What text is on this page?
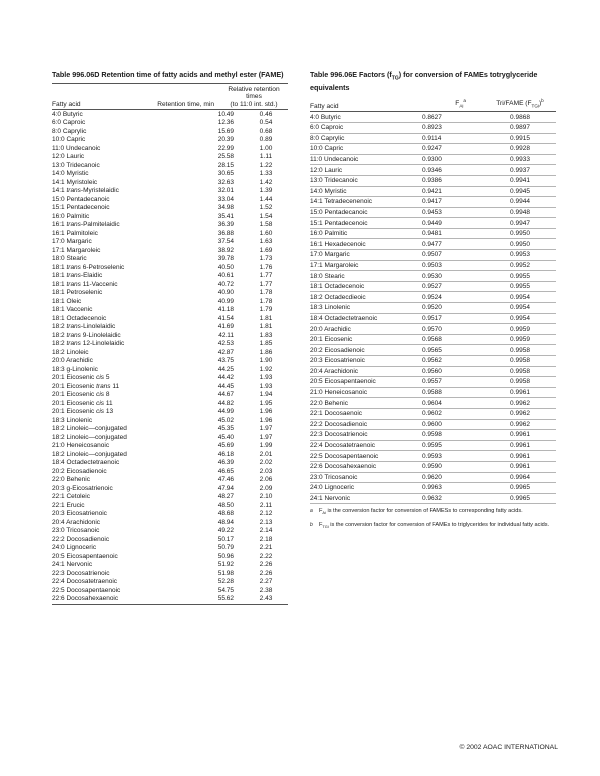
Table 996.06D Retention time of fatty acids and methyl ester (FAME)
Fatty acid	Retention time, min
Relative retention
times
(to 11:0 int. std.)
4:0 Butyric	10.49	0.46
6:0 Caproic	12.36	0.54
8:0 Caprylic	15.69	0.68
10:0 Capric	20.39	0.89
11:0 Undecanoic	22.99	1.00
12:0 Lauric	25.58	1.11
13:0 Tridecanoic	28.15	1.22
14:0 Myristic	30.65	1.33
14:1 Myristoleic	32.63	1.42
14:1 trans-Myristelaidic	32.01	1.39
15:0 Pentadecanoic	33.04	1.44
15:1 Pentadecenoic	34.98	1.52
16:0 Palmitic	35.41	1.54
16:1 trans-Palmitelaidic	36.39	1.58
16:1 Palmitoleic	36.88	1.60
17:0 Margaric	37.54	1.63
17:1 Margaroleic	38.92	1.69
18:0 Stearic	39.78	1.73
18:1 trans 6-Petroselenic	40.50	1.76
18:1 trans-Elaidic	40.61	1.77
18:1 trans 11-Vaccenic	40.72	1.77
18:1 Petroselenic	40.90	1.78
18:1 Oleic	40.99	1.78
18:1 Vaccenic	41.18	1.79
18:1 Octadecenoic	41.54	1.81
18:2 trans-Linolelaidic	41.69	1.81
18:2 trans 9-Linolelaidic	42.11	1.83
18:2 trans 12-Linolelaidic	42.53	1.85
18:2 Linoleic	42.87	1.86
20:0 Arachidic	43.75	1.90
18:3 g-Linolenic	44.25	1.92
20:1 Eicosenic cis 5	44.42	1.93
20:1 Eicosenic trans 11	44.45	1.93
20:1 Eicosenic cis 8	44.67	1.94
20:1 Eicosenic cis 11	44.82	1.95
20:1 Eicosenic cis 13	44.99	1.96
18:3 Linolenic	45.02	1.96
18:2 Linoleic—conjugated	45.35	1.97
18:2 Linoleic—conjugated	45.40	1.97
21:0 Heneicosanoic	45.69	1.99
18:2 Linoleic—conjugated	46.18	2.01
18:4 Octadectetraenoic	46.39	2.02
20:2 Eicosadienoic	46.65	2.03
22:0 Behenic	47.46	2.06
20:3 g-Eicosatrienoic	47.94	2.09
22:1 Cetoleic	48.27	2.10
22:1 Erucic	48.50	2.11
20:3 Eicosatrienoic	48.68	2.12
20:4 Arachidonic	48.94	2.13
23:0 Tricosanoic	49.22	2.14
22:2 Docosadienoic	50.17	2.18
24:0 Lignoceric	50.79	2.21
20:5 Eicosapentaenoic	50.96	2.22
24:1 Nervonic	51.92	2.26
22:3 Docosatrienoic	51.98	2.26
22:4 Docosatetraenoic	52.28	2.27
22:5 Docosapentaenoic	54.75	2.38
22:6 Docosahexaenoic	55.62	2.43
Table 996.06E Factors $(f_{TG})$ for conversion of FAMEs totryglyceride equivalents
Fatty acid	$F_{Ai}^a$	Tri/FAME $(F_{TGi})^b$
4:0 Butyric	0.8627	0.9868
6:0 Caproic	0.8923	0.9897
8:0 Caprylic	0.9114	0.9915
10:0 Capric	0.9247	0.9928
11:0 Undecanoic	0.9300	0.9933
12:0 Lauric	0.9346	0.9937
13:0 Tridecanoic	0.9386	0.9941
14:0 Myristic	0.9421	0.9945
14:1 Tetradecenenoic	0.9417	0.9944
15:0 Pentadecanoic	0.9453	0.9948
15:1 Pentadecenoic	0.9449	0.9947
16:0 Palmitic	0.9481	0.9950
16:1 Hexadecenoic	0.9477	0.9950
17:0 Margaric	0.9507	0.9953
17:1 Margaroleic	0.9503	0.9952
18:0 Stearic	0.9530	0.9955
18:1 Octadecenoic	0.9527	0.9955
18:2 Octadecdieoic	0.9524	0.9954
18:3 Linolenic	0.9520	0.9954
18:4 Octadectetraenoic	0.9517	0.9954
20:0 Arachidic	0.9570	0.9959
20:1 Eicosenic	0.9568	0.9959
20:2 Eicosadienoic	0.9565	0.9958
20:3 Eicosatrienoic	0.9562	0.9958
20:4 Arachidonic	0.9560	0.9958
20:5 Eicosapentaenoic	0.9557	0.9958
21:0 Heneicosanoic	0.9588	0.9961
22:0 Behenic	0.9604	0.9962
22:1 Docosaenoic	0.9602	0.9962
22:2 Docosadienoic	0.9600	0.9962
22:3 Docosatrienoic	0.9598	0.9961
22:4 Docosatetraenoic	0.9595	0.9961
22:5 Docosapentaenoic	0.9593	0.9961
22:6 Docosahexaenoic	0.9590	0.9961
23:0 Tricosanoic	0.9620	0.9964
24:0 Lignoceric	0.9963	0.9965
24:1 Nervonic	0.9632	0.9965
a	$F_{Ai}$ is the conversion factor for conversion of FAMESs to corresponding fatty acids.
b	$F_{TGi}$ is the conversion factor for conversion of FAMEs to triglycerides for individual fatty acids.
© 2002 AOAC INTERNATIONAL
